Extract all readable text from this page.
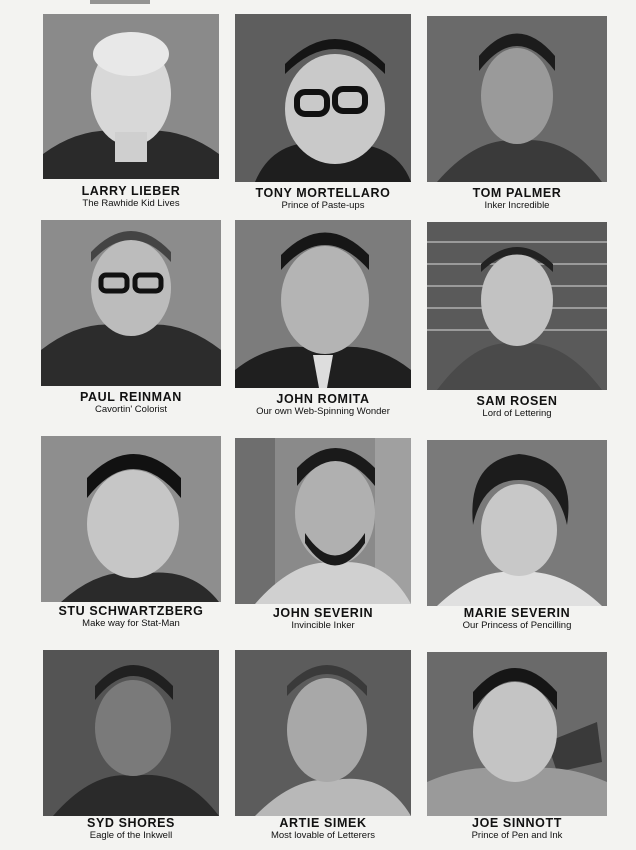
LARRY LIEBER
The Rawhide Kid Lives
TONY MORTELLARO
Prince of Paste-ups
TOM PALMER
Inker Incredible
PAUL REINMAN
Cavortin' Colorist
JOHN ROMITA
Our own Web-Spinning Wonder
SAM ROSEN
Lord of Lettering
STU SCHWARTZBERG
Make way for Stat-Man
JOHN SEVERIN
Invincible Inker
MARIE SEVERIN
Our Princess of Pencilling
SYD SHORES
Eagle of the Inkwell
ARTIE SIMEK
Most lovable of Letterers
JOE SINNOTT
Prince of Pen and Ink
